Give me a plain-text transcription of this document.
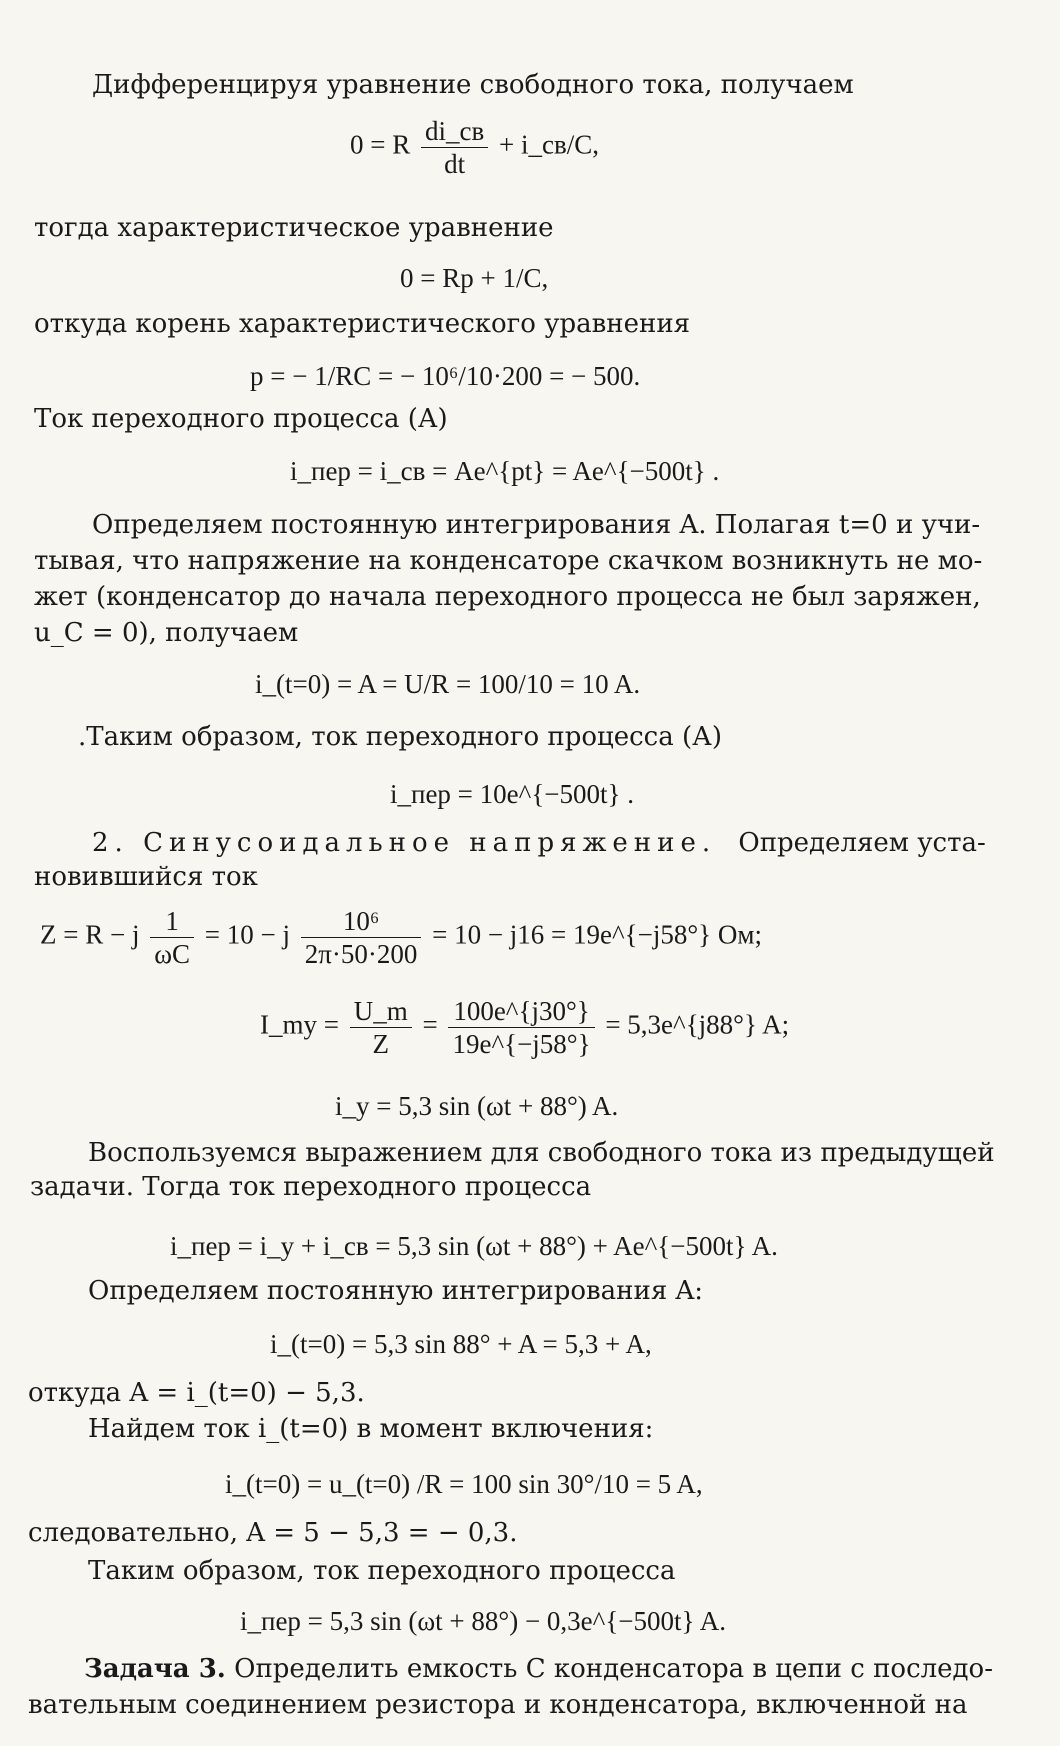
Дифференцируя уравнение свободного тока, получаем

0 = R $\frac{di\_св}{dt}$ + i_св/C,

тогда характеристическое уравнение

0 = Rp + 1/C,

откуда корень характеристического уравнения

p = − 1/RC = − 10⁶/10·200 = − 500.

Ток переходного процесса (А)

i_пер = i_св = Ae^{pt} = Ae^{−500t} .

Определяем постоянную интегрирования A. Полагая t=0 и учи-

тывая, что напряжение на конденсаторе скачком возникнуть не мо-

жет (конденсатор до начала переходного процесса не был заряжен,

u_C = 0), получаем

i_(t=0) = A = U/R = 100/10 = 10 A.

.Таким образом, ток переходного процесса (А)

i_пер = 10e^{−500t} .

2. Синусоидальное напряжение. Определяем уста-

новившийся ток

Z = R − j $\frac{1}{\omega C} = 10 - j \frac{\text{10⁶}}{2\pi\cdot 50\cdot 200} = 10 - j16$ = 19e^{−j58°} Ом;
I_my = $\frac{U\_m}{Z} = \frac{100e\^{}\{j30^\circ\}}{19e\^{}\{-j58^\circ\}}$ = 5,3e^{j88°} A;

i_y = 5,3 sin (ωt + 88°) A.

Воспользуемся выражением для свободного тока из предыдущей

задачи. Тогда ток переходного процесса

i_пер = i_y + i_св = 5,3 sin (ωt + 88°) + Ae^{−500t} A.

Определяем постоянную интегрирования A:

i_(t=0) = 5,3 sin 88° + A = 5,3 + A,

откуда A = i_(t=0) − 5,3.

Найдем ток i_(t=0) в момент включения:

i_(t=0) = u_(t=0) /R = 100 sin 30°/10 = 5 A,

следовательно, A = 5 − 5,3 = − 0,3.

Таким образом, ток переходного процесса

i_пер = 5,3 sin (ωt + 88°) − 0,3e^{−500t} A.

Задача 3. Определить емкость C конденсатора в цепи с последо-

вательным соединением резистора и конденсатора, включенной на
